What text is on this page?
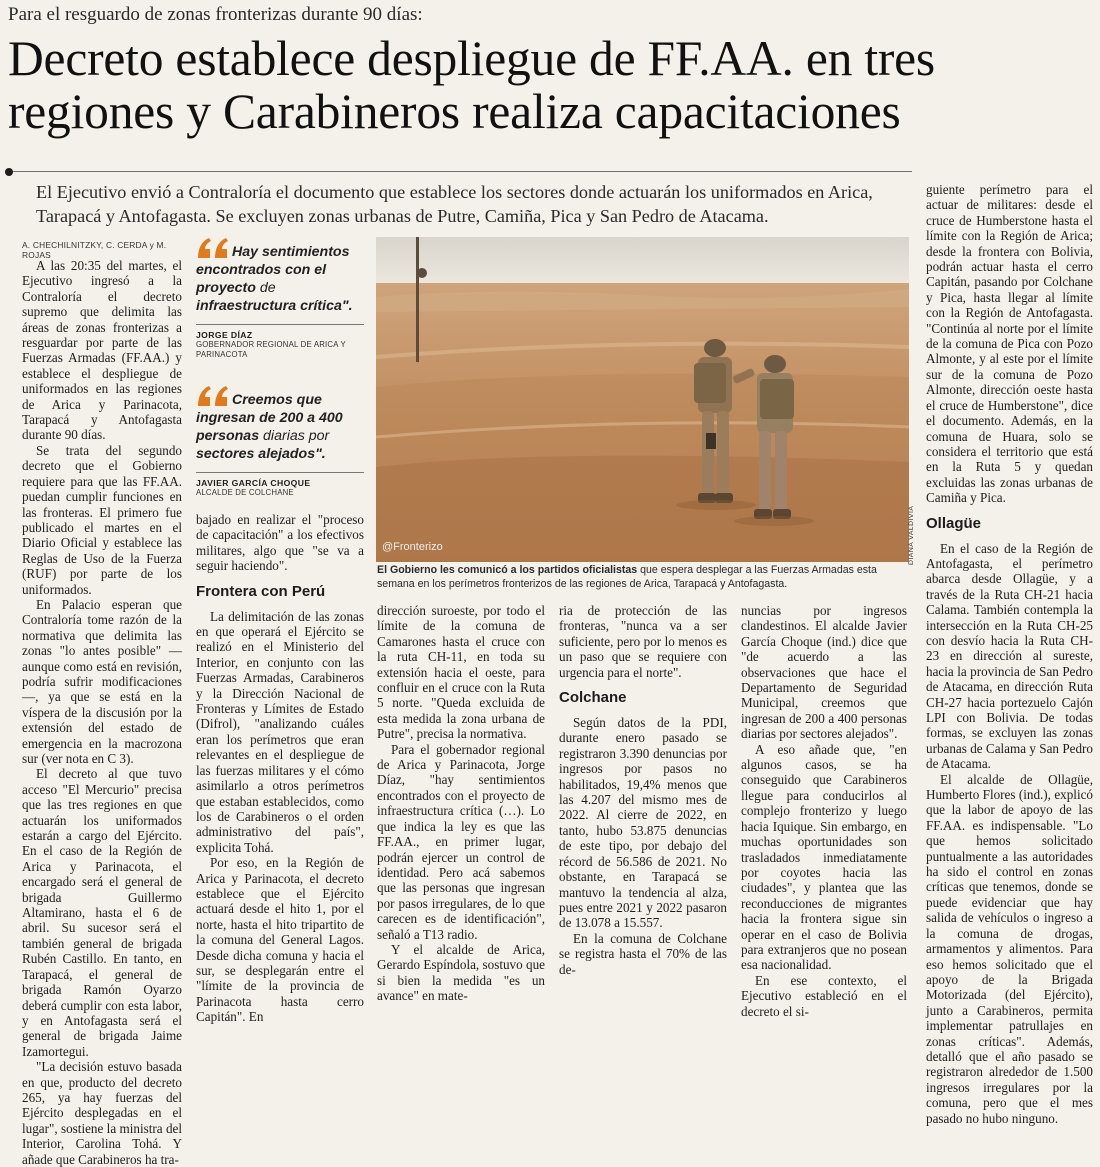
Para el resguardo de zonas fronterizas durante 90 días:
Decreto establece despliegue de FF.AA. en tres regiones y Carabineros realiza capacitaciones
El Ejecutivo envió a Contraloría el documento que establece los sectores donde actuarán los uniformados en Arica, Tarapacá y Antofagasta. Se excluyen zonas urbanas de Putre, Camiña, Pica y San Pedro de Atacama.
A. CHECHILNITZKY, C. CERDA y M. ROJAS

A las 20:35 del martes, el Ejecutivo ingresó a la Contraloría el decreto supremo que delimita las áreas de zonas fronterizas a resguardar por parte de las Fuerzas Armadas (FF.AA.) y establece el despliegue de uniformados en las regiones de Arica y Parinacota, Tarapacá y Antofagasta durante 90 días.

Se trata del segundo decreto que el Gobierno requiere para que las FF.AA. puedan cumplir funciones en las fronteras. El primero fue publicado el martes en el Diario Oficial y establece las Reglas de Uso de la Fuerza (RUF) por parte de los uniformados.

En Palacio esperan que Contraloría tome razón de la normativa que delimita las zonas "lo antes posible" —aunque como está en revisión, podría sufrir modificaciones—, ya que se está en la víspera de la discusión por la extensión del estado de emergencia en la macrozona sur (ver nota en C 3).

El decreto al que tuvo acceso "El Mercurio" precisa que las tres regiones en que actuarán los uniformados estarán a cargo del Ejército. En el caso de la Región de Arica y Parinacota, el encargado será el general de brigada Guillermo Altamirano, hasta el 6 de abril. Su sucesor será el también general de brigada Rubén Castillo. En tanto, en Tarapacá, el general de brigada Ramón Oyarzo deberá cumplir con esta labor, y en Antofagasta será el general de brigada Jaime Izamortegui.

"La decisión estuvo basada en que, producto del decreto 265, ya hay fuerzas del Ejército desplegadas en el lugar", sostiene la ministra del Interior, Carolina Tohá. Y añade que Carabineros ha tra-

Hay sentimientos encontrados con el proyecto de infraestructura crítica".
JORGE DÍAZ
GOBERNADOR REGIONAL DE ARICA Y PARINACOTA
Creemos que ingresan de 200 a 400 personas diarias por sectores alejados".
JAVIER GARCÍA CHOQUE
ALCALDE DE COLCHANE

bajado en realizar el "proceso de capacitación" a los efectivos militares, algo que "se va a seguir haciendo".

Frontera con Perú

La delimitación de las zonas en que operará el Ejército se realizó en el Ministerio del Interior, en conjunto con las Fuerzas Armadas, Carabineros y la Dirección Nacional de Fronteras y Límites de Estado (Difrol), "analizando cuáles eran los perímetros que eran relevantes en el despliegue de las fuerzas militares y el cómo asimilarlo a otros perímetros que estaban establecidos, como los de Carabineros o el orden administrativo del país", explicita Tohá.

Por eso, en la Región de Arica y Parinacota, el decreto establece que el Ejército actuará desde el hito 1, por el norte, hasta el hito tripartito de la comuna del General Lagos. Desde dicha comuna y hacia el sur, se desplegarán entre el "límite de la provincia de Parinacota hasta cerro Capitán". En

@Fronterizo	DIANA VALDIVIA
El Gobierno les comunicó a los partidos oficialistas que espera desplegar a las Fuerzas Armadas esta semana en los perímetros fronterizos de las regiones de Arica, Tarapacá y Antofagasta.

dirección suroeste, por todo el límite de la comuna de Camarones hasta el cruce con la ruta CH-11, en toda su extensión hacia el oeste, para confluir en el cruce con la Ruta 5 norte. "Queda excluida de esta medida la zona urbana de Putre", precisa la normativa.

Para el gobernador regional de Arica y Parinacota, Jorge Díaz, "hay sentimientos encontrados con el proyecto de infraestructura crítica (…). Lo que indica la ley es que las FF.AA., en primer lugar, podrán ejercer un control de identidad. Pero acá sabemos que las personas que ingresan por pasos irregulares, de lo que carecen es de identificación", señaló a T13 radio.

Y el alcalde de Arica, Gerardo Espíndola, sostuvo que si bien la medida "es un avance" en mate-

ria de protección de las fronteras, "nunca va a ser suficiente, pero por lo menos es un paso que se requiere con urgencia para el norte".

Colchane

Según datos de la PDI, durante enero pasado se registraron 3.390 denuncias por ingresos por pasos no habilitados, 19,4% menos que las 4.207 del mismo mes de 2022. Al cierre de 2022, en tanto, hubo 53.875 denuncias de este tipo, por debajo del récord de 56.586 de 2021. No obstante, en Tarapacá se mantuvo la tendencia al alza, pues entre 2021 y 2022 pasaron de 13.078 a 15.557.

En la comuna de Colchane se registra hasta el 70% de las de-

nuncias por ingresos clandestinos. El alcalde Javier García Choque (ind.) dice que "de acuerdo a las observaciones que hace el Departamento de Seguridad Municipal, creemos que ingresan de 200 a 400 personas diarias por sectores alejados".

A eso añade que, "en algunos casos, se ha conseguido que Carabineros llegue para conducirlos al complejo fronterizo y luego hacia Iquique. Sin embargo, en muchas oportunidades son trasladados inmediatamente por coyotes hacia las ciudades", y plantea que las reconducciones de migrantes hacia la frontera sigue sin operar en el caso de Bolivia para extranjeros que no posean esa nacionalidad.

En ese contexto, el Ejecutivo estableció en el decreto el si-

guiente perímetro para el actuar de militares: desde el cruce de Humberstone hasta el límite con la Región de Arica; desde la frontera con Bolivia, podrán actuar hasta el cerro Capitán, pasando por Colchane y Pica, hasta llegar al límite con la Región de Antofagasta. "Continúa al norte por el límite de la comuna de Pica con Pozo Almonte, y al este por el límite sur de la comuna de Pozo Almonte, dirección oeste hasta el cruce de Humberstone", dice el documento. Además, en la comuna de Huara, solo se considera el territorio que está en la Ruta 5 y quedan excluidas las zonas urbanas de Camiña y Pica.

Ollagüe

En el caso de la Región de Antofagasta, el perímetro abarca desde Ollagüe, y a través de la Ruta CH-21 hacia Calama. También contempla la intersección en la Ruta CH-25 con desvío hacia la Ruta CH-23 en dirección al sureste, hacia la provincia de San Pedro de Atacama, en dirección Ruta CH-27 hacia portezuelo Cajón LPI con Bolivia. De todas formas, se excluyen las zonas urbanas de Calama y San Pedro de Atacama.

El alcalde de Ollagüe, Humberto Flores (ind.), explicó que la labor de apoyo de las FF.AA. es indispensable. "Lo que hemos solicitado puntualmente a las autoridades ha sido el control en zonas críticas que tenemos, donde se puede evidenciar que hay salida de vehículos o ingreso a la comuna de drogas, armamentos y alimentos. Para eso hemos solicitado que el apoyo de la Brigada Motorizada (del Ejército), junto a Carabineros, permita implementar patrullajes en zonas críticas". Además, detalló que el año pasado se registraron alrededor de 1.500 ingresos irregulares por la comuna, pero que el mes pasado no hubo ninguno.
